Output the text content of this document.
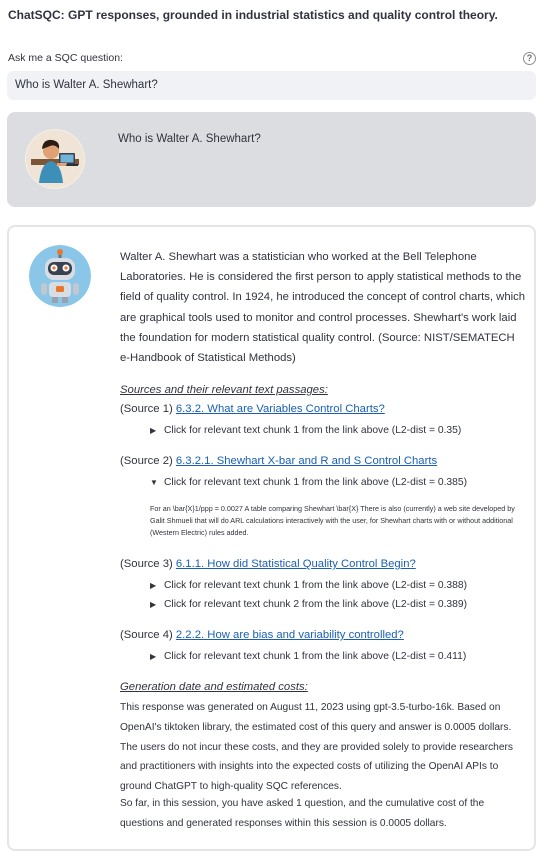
ChatSQC: GPT responses, grounded in industrial statistics and quality control theory.
Ask me a SQC question:	?
Who is Walter A. Shewhart?
Who is Walter A. Shewhart?
Walter A. Shewhart was a statistician who worked at the Bell Telephone Laboratories. He is considered the first person to apply statistical methods to the field of quality control. In 1924, he introduced the concept of control charts, which are graphical tools used to monitor and control processes. Shewhart's work laid the foundation for modern statistical quality control. (Source: NIST/SEMATECH e-Handbook of Statistical Methods)
Sources and their relevant text passages:
(Source 1) 6.3.2. What are Variables Control Charts?
▶ Click for relevant text chunk 1 from the link above (L2-dist = 0.35)
(Source 2) 6.3.2.1. Shewhart X-bar and R and S Control Charts
▼ Click for relevant text chunk 1 from the link above (L2-dist = 0.385)
For an \bar{X}1/ppp = 0.0027 A table comparing Shewhart \bar{X} There is also (currently) a web site developed by Galit Shmueli that will do ARL calculations interactively with the user, for Shewhart charts with or without additional (Western Electric) rules added.
(Source 3) 6.1.1. How did Statistical Quality Control Begin?
▶ Click for relevant text chunk 1 from the link above (L2-dist = 0.388)
▶ Click for relevant text chunk 2 from the link above (L2-dist = 0.389)
(Source 4) 2.2.2. How are bias and variability controlled?
▶ Click for relevant text chunk 1 from the link above (L2-dist = 0.411)
Generation date and estimated costs:
This response was generated on August 11, 2023 using gpt-3.5-turbo-16k. Based on OpenAI's tiktoken library, the estimated cost of this query and answer is 0.0005 dollars. The users do not incur these costs, and they are provided solely to provide researchers and practitioners with insights into the expected costs of utilizing the OpenAI APIs to ground ChatGPT to high-quality SQC references.
So far, in this session, you have asked 1 question, and the cumulative cost of the questions and generated responses within this session is 0.0005 dollars.
